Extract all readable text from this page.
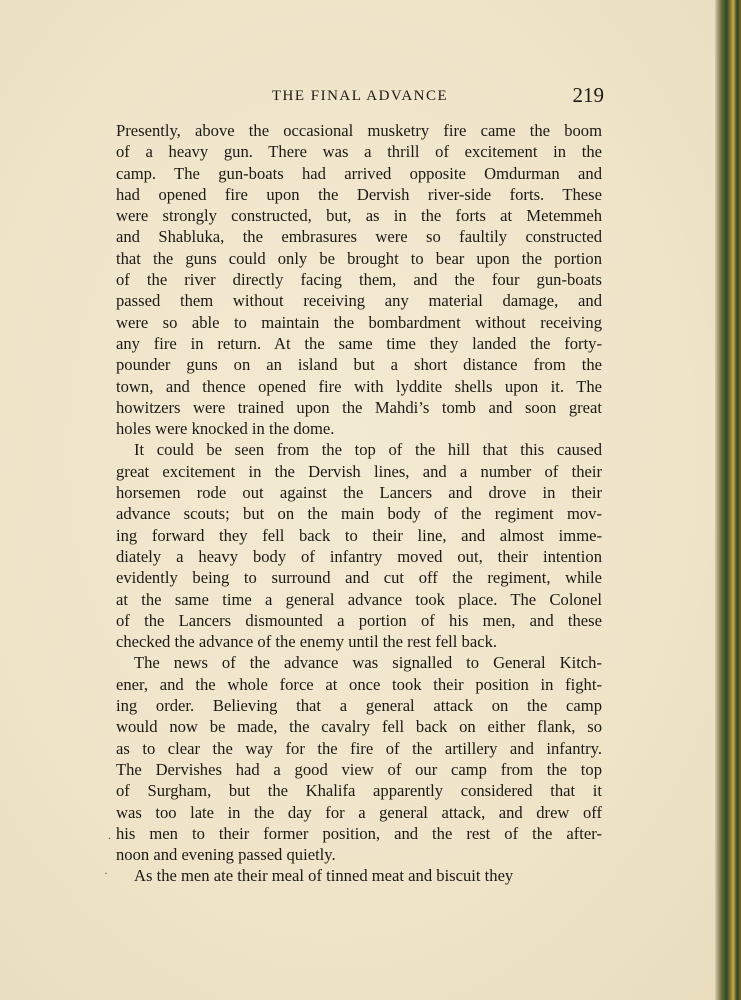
THE FINAL ADVANCE	219
Presently, above the occasional musketry fire came the boom
of a heavy gun. There was a thrill of excitement in the
camp. The gun-boats had arrived opposite Omdurman and
had opened fire upon the Dervish river-side forts. These
were strongly constructed, but, as in the forts at Metemmeh
and Shabluka, the embrasures were so faultily constructed
that the guns could only be brought to bear upon the portion
of the river directly facing them, and the four gun-boats
passed them without receiving any material damage, and
were so able to maintain the bombardment without receiving
any fire in return. At the same time they landed the forty-
pounder guns on an island but a short distance from the
town, and thence opened fire with lyddite shells upon it. The
howitzers were trained upon the Mahdi’s tomb and soon great
holes were knocked in the dome.
It could be seen from the top of the hill that this caused
great excitement in the Dervish lines, and a number of their
horsemen rode out against the Lancers and drove in their
advance scouts; but on the main body of the regiment mov-
ing forward they fell back to their line, and almost imme-
diately a heavy body of infantry moved out, their intention
evidently being to surround and cut off the regiment, while
at the same time a general advance took place. The Colonel
of the Lancers dismounted a portion of his men, and these
checked the advance of the enemy until the rest fell back.
The news of the advance was signalled to General Kitch-
ener, and the whole force at once took their position in fight-
ing order. Believing that a general attack on the camp
would now be made, the cavalry fell back on either flank, so
as to clear the way for the fire of the artillery and infantry.
The Dervishes had a good view of our camp from the top
of Surgham, but the Khalifa apparently considered that it
was too late in the day for a general attack, and drew off
his men to their former position, and the rest of the after-
noon and evening passed quietly.
As the men ate their meal of tinned meat and biscuit they
.
·
